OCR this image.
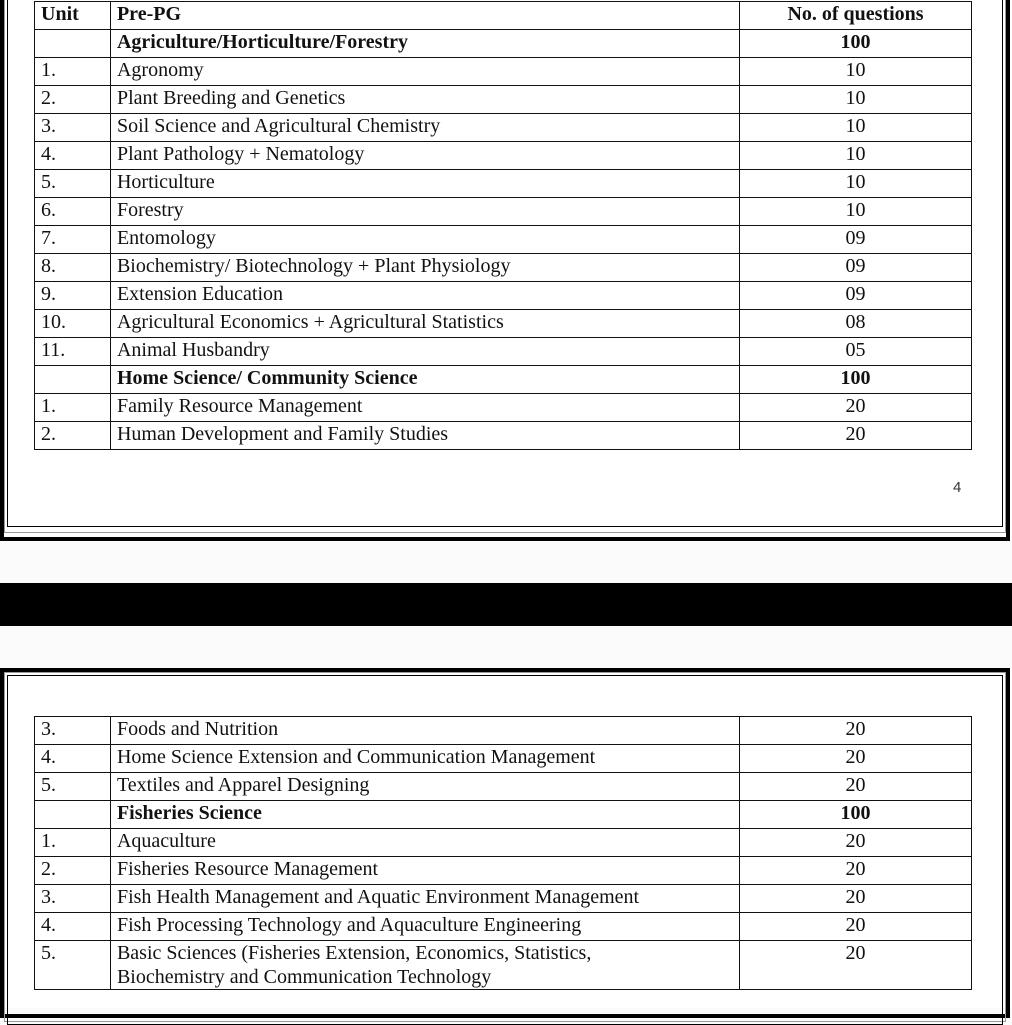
Unit	Pre-PG	No. of questions
	Agriculture/Horticulture/Forestry	100
1.	Agronomy	10
2.	Plant Breeding and Genetics	10
3.	Soil Science and Agricultural Chemistry	10
4.	Plant Pathology + Nematology	10
5.	Horticulture	10
6.	Forestry	10
7.	Entomology	09
8.	Biochemistry/ Biotechnology + Plant Physiology	09
9.	Extension Education	09
10.	Agricultural Economics + Agricultural Statistics	08
11.	Animal Husbandry	05
	Home Science/ Community Science	100
1.	Family Resource Management	20
2.	Human Development and Family Studies	20
4
3.	Foods and Nutrition	20
4.	Home Science Extension and Communication Management	20
5.	Textiles and Apparel Designing	20
	Fisheries Science	100
1.	Aquaculture	20
2.	Fisheries Resource Management	20
3.	Fish Health Management and Aquatic Environment Management	20
4.	Fish Processing Technology and Aquaculture Engineering	20
5.	Basic Sciences (Fisheries Extension, Economics, Statistics,
Biochemistry and Communication Technology	20
